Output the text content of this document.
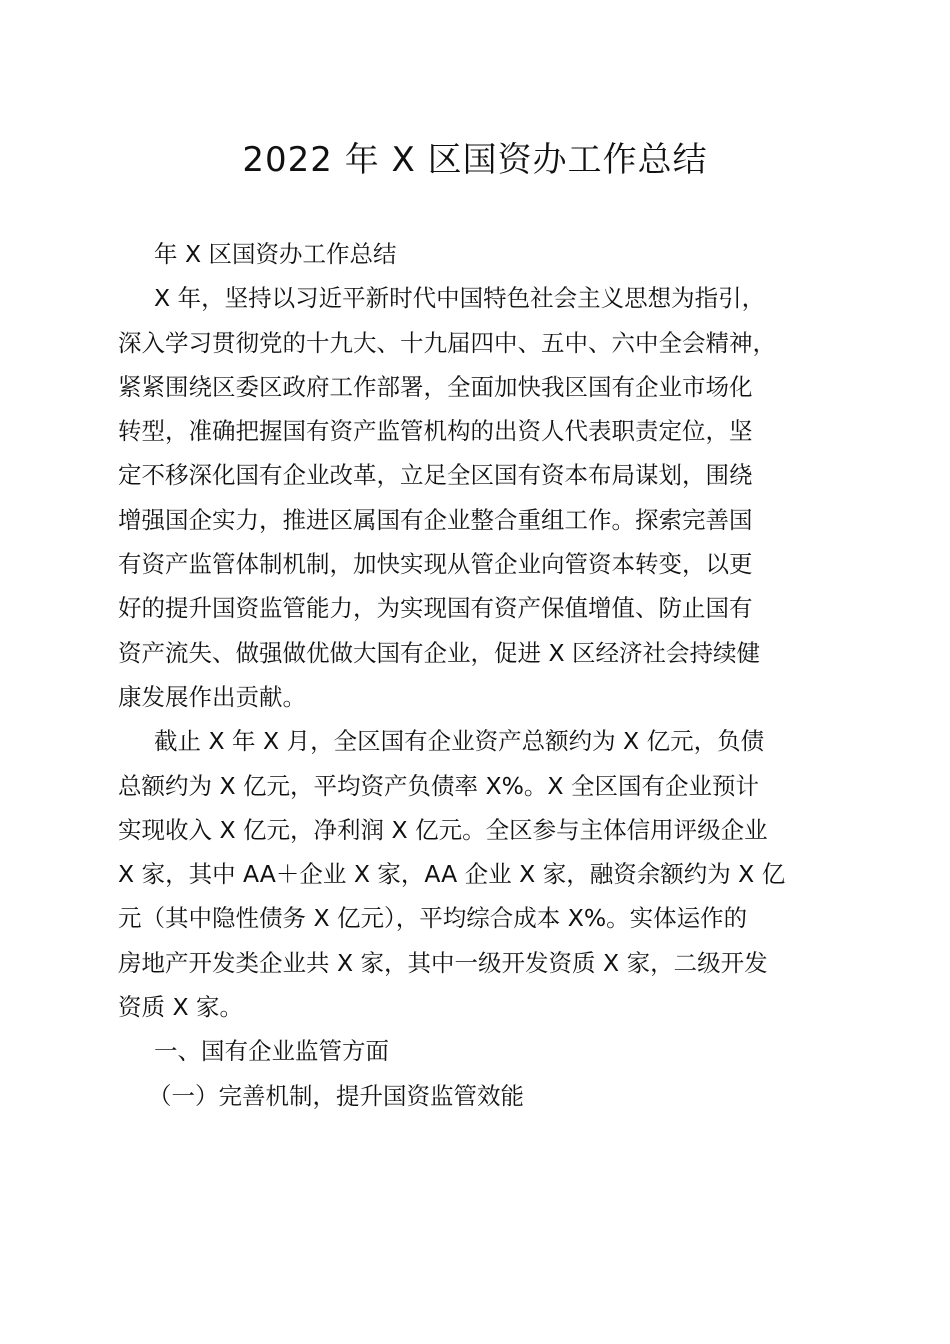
2022 年 X 区国资办工作总结
年 X 区国资办工作总结
X 年，坚持以习近平新时代中国特色社会主义思想为指引，
深入学习贯彻党的十九大、十九届四中、五中、六中全会精神，
紧紧围绕区委区政府工作部署，全面加快我区国有企业市场化
转型，准确把握国有资产监管机构的出资人代表职责定位，坚
定不移深化国有企业改革，立足全区国有资本布局谋划，围绕
增强国企实力，推进区属国有企业整合重组工作。探索完善国
有资产监管体制机制，加快实现从管企业向管资本转变，以更
好的提升国资监管能力，为实现国有资产保值增值、防止国有
资产流失、做强做优做大国有企业，促进 X 区经济社会持续健
康发展作出贡献。
截止 X 年 X 月，全区国有企业资产总额约为 X 亿元，负债
总额约为 X 亿元，平均资产负债率 X%。X 全区国有企业预计
实现收入 X 亿元，净利润 X 亿元。全区参与主体信用评级企业
X 家，其中 AA＋企业 X 家，AA 企业 X 家，融资余额约为 X 亿
元（其中隐性债务 X 亿元），平均综合成本 X%。实体运作的
房地产开发类企业共 X 家，其中一级开发资质 X 家，二级开发
资质 X 家。
一、国有企业监管方面
（一）完善机制，提升国资监管效能
